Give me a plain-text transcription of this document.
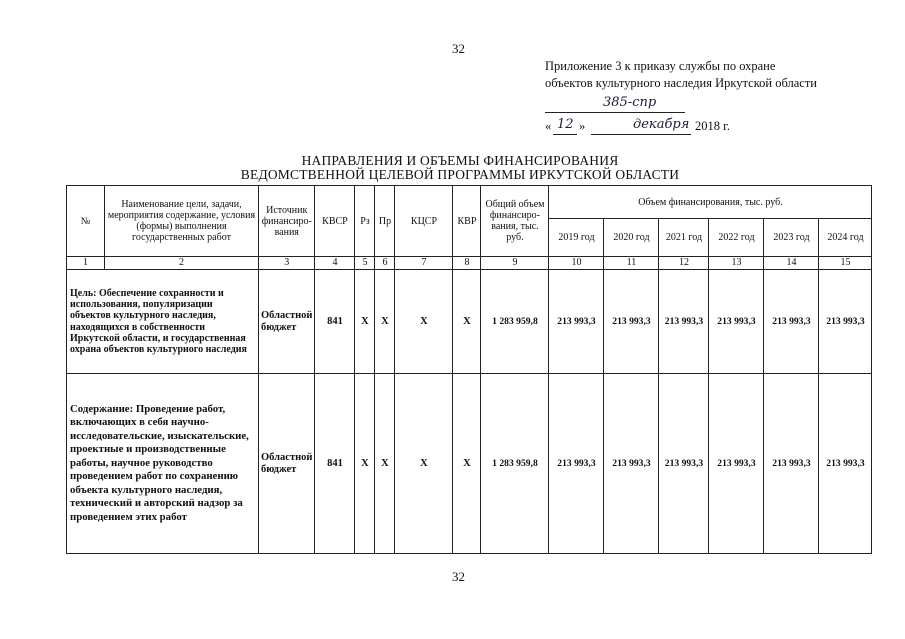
32
Приложение 3 к приказу службы по охране
объектов культурного наследия Иркутской области
385-спр
« 12 »	декабря 2018 г.
НАПРАВЛЕНИЯ И ОБЪЕМЫ ФИНАНСИРОВАНИЯ
ВЕДОМСТВЕННОЙ ЦЕЛЕВОЙ ПРОГРАММЫ ИРКУТСКОЙ ОБЛАСТИ
№	Наименование цели, задачи, мероприятия содержание, условия (формы) выполнения государственных работ	Источник финансиро-вания	КВСР	Рз	Пр	КЦСР	КВР	Общий объем финансиро-вания, тыс. руб.	Объем финансирования, тыс. руб.					
									2019 год	2020 год	2021 год	2022 год	2023 год	2024 год
1	2	3	4	5	6	7	8	9	10	11	12	13	14	15
Цель: Обеспечение сохранности и использования, популяризации объектов культурного наследия, находящихся в собственности Иркутской области, и государственная охрана объектов культурного наследия		Областной бюджет	841	Х	Х	Х	Х	1 283 959,8	213 993,3	213 993,3	213 993,3	213 993,3	213 993,3	213 993,3
Содержание: Проведение работ, включающих в себя научно-исследовательские, изыскательские, проектные и производственные работы, научное руководство проведением работ по сохранению объекта культурного наследия, технический и авторский надзор за проведением этих работ		Областной бюджет	841	Х	Х	Х	Х	1 283 959,8	213 993,3	213 993,3	213 993,3	213 993,3	213 993,3	213 993,3
32
